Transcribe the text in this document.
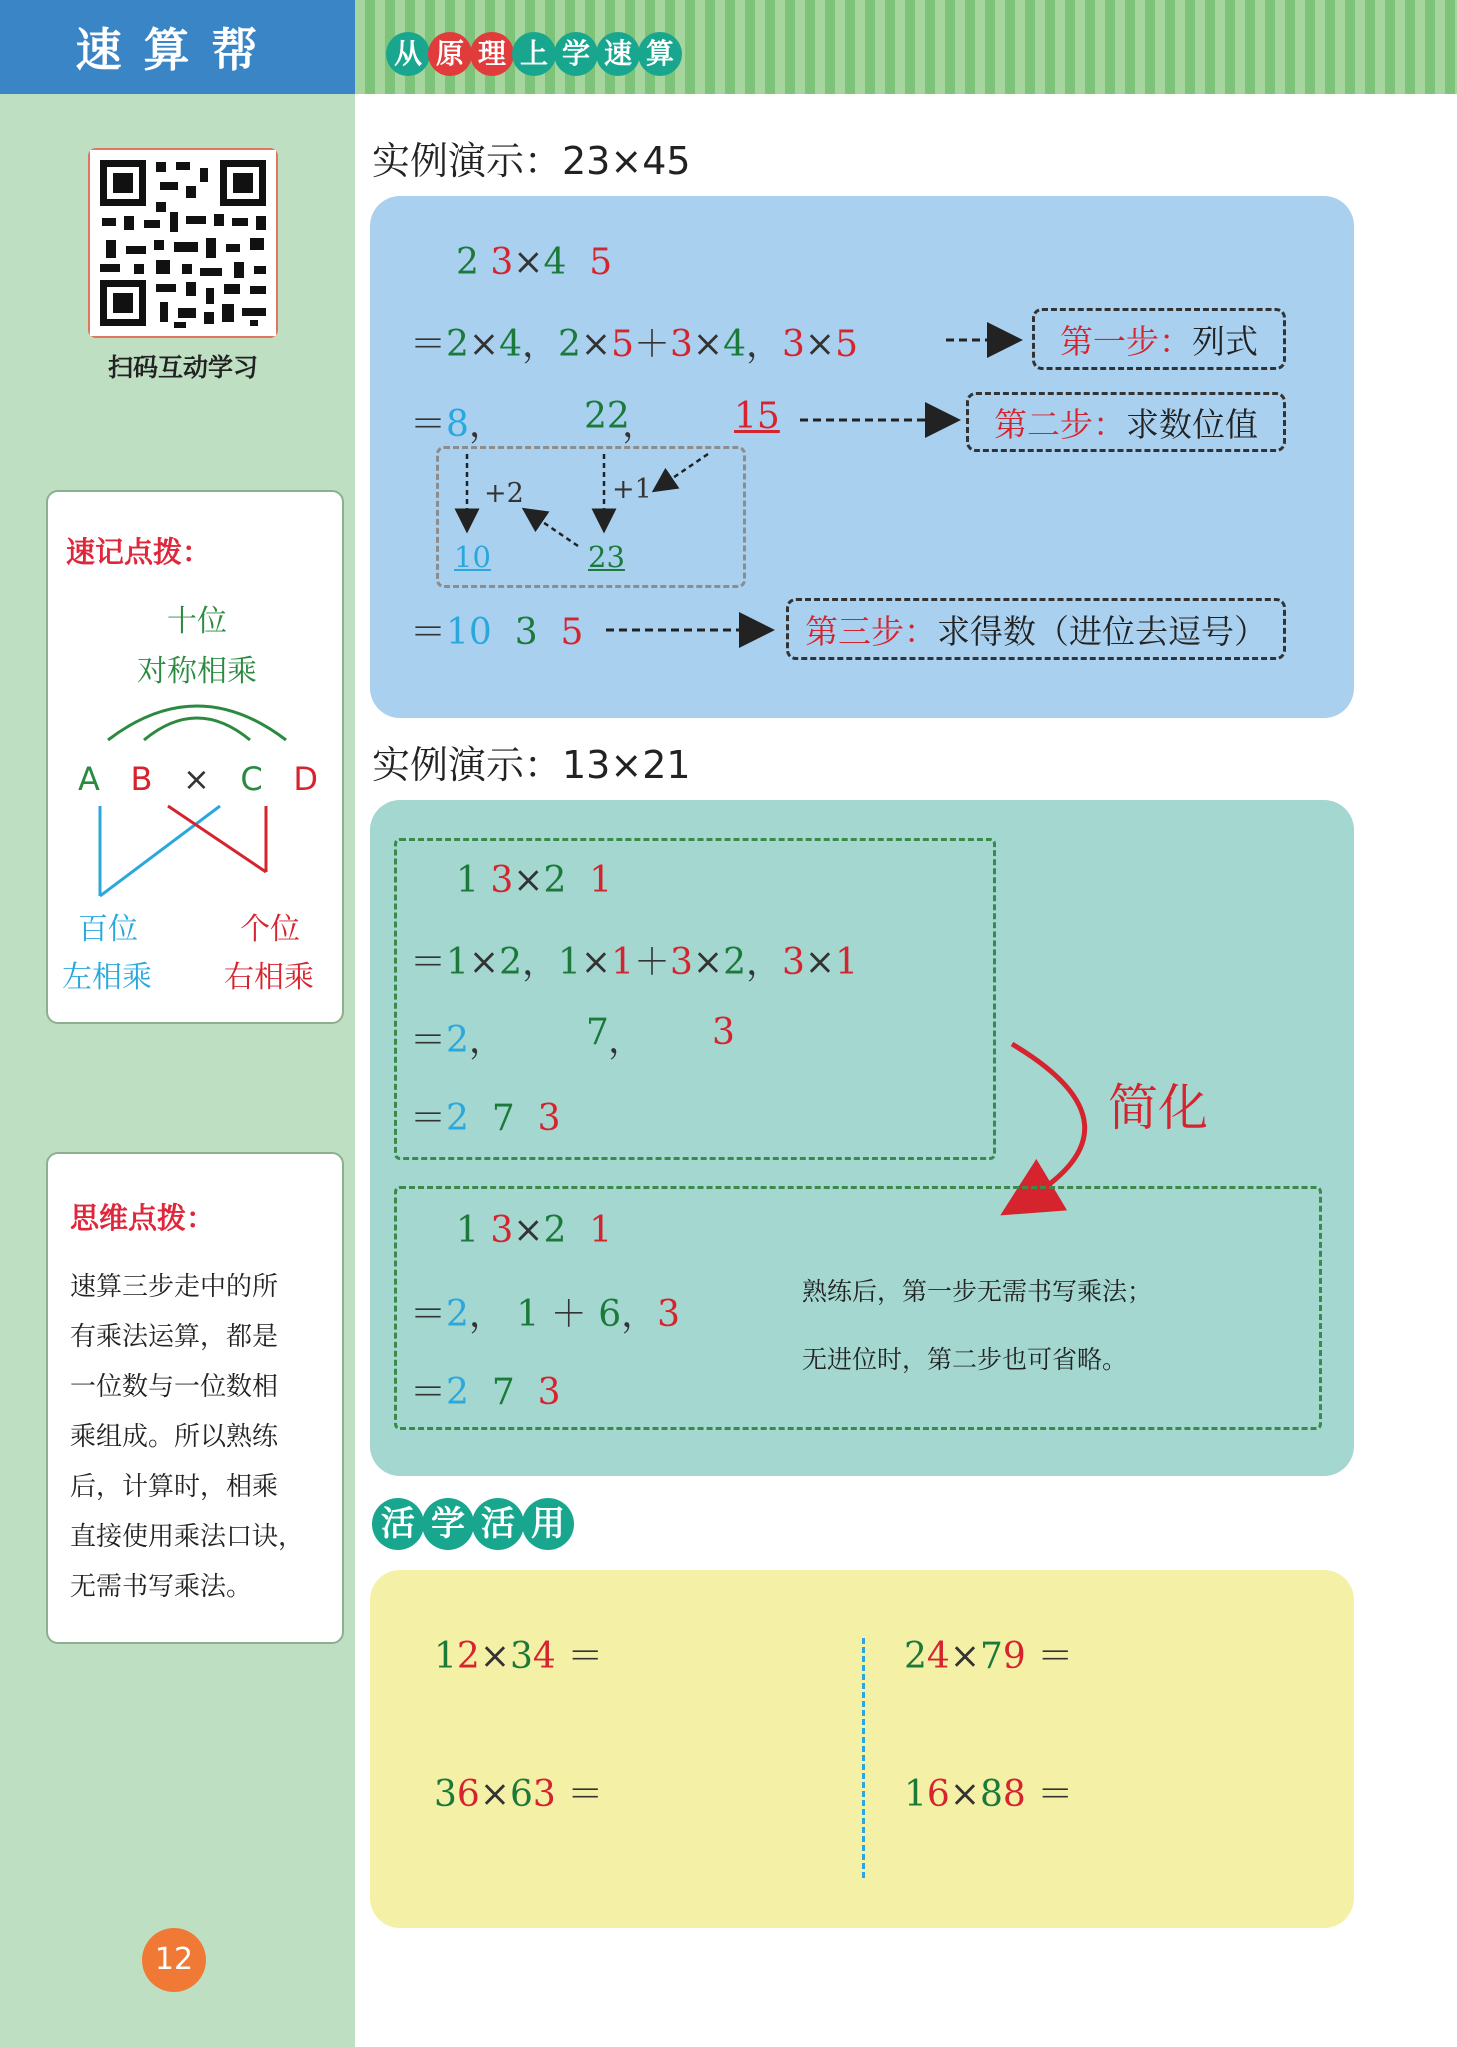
速算帮	从 原 理 上 学 速 算
扫码互动学习
速记点拨：
十位
对称相乘
A B × C D
百位
左相乘
个位
右相乘
思维点拨：
速算三步走中的所
有乘法运算，都是
一位数与一位数相
乘组成。所以熟练
后，计算时，相乘
直接使用乘法口诀，
无需书写乘法。
12
实例演示：23×45
2 3×4 5
＝2×4，2×5＋3×4，3×5
＝8， 22
， 15
+2	+1
10	23
＝10 3 5
第一步： 列式
第二步： 求数位值
第三步： 求得数（进位去逗号）
实例演示：13×21
1 3×2 1
＝1×2，1×1＋3×2，3×1
＝2， 7 ， 3
＝2 7 3	简化
1 3×2 1
＝2， 1 ＋ 6，3
＝2 7 3
熟练后，第一步无需书写乘法；
无进位时，第二步也可省略。
活 学 活 用
12×34 ＝	24×79 ＝
36×63 ＝	16×88 ＝
